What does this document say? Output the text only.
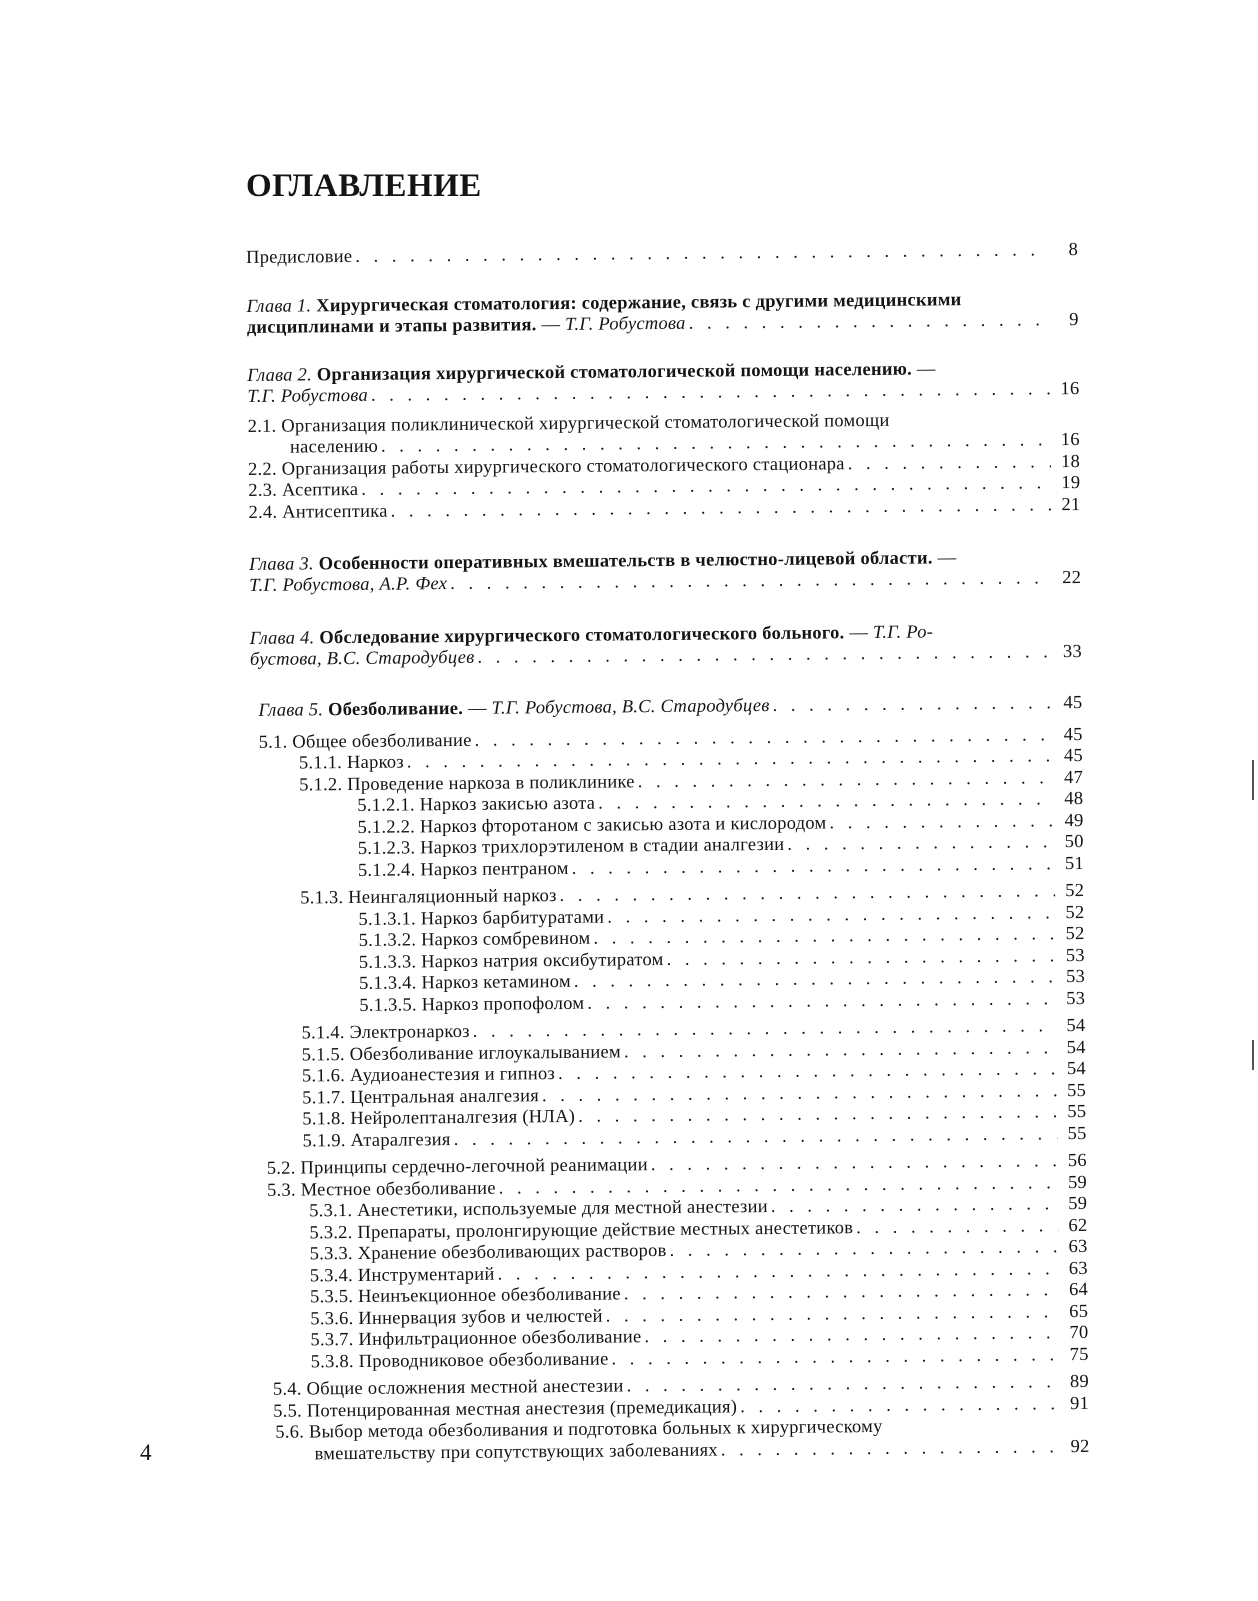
ОГЛАВЛЕНИЕ
Предисловие . . .	8
Глава 1. Хирургическая стоматология: содержание, связь с другими медицинскими
дисциплинами и этапы развития. — Т.Г. Робустова . . .	9
Глава 2. Организация хирургической стоматологической помощи населению. —
Т.Г. Робустова . . .	16
2.1. Организация поликлинической хирургической стоматологической помощи
населению . . .	16
2.2. Организация работы хирургического стоматологического стационара . . .	18
2.3. Асептика . . .	19
2.4. Антисептика . . .	21
Глава 3. Особенности оперативных вмешательств в челюстно-лицевой области. —
Т.Г. Робустова, А.Р. Фех . . .	22
Глава 4. Обследование хирургического стоматологического больного. — Т.Г. Ро-
бустова, В.С. Стародубцев . . .	33
Глава 5. Обезболивание. — Т.Г. Робустова, В.С. Стародубцев . . .	45
5.1. Общее обезболивание . . .	45
5.1.1. Наркоз . . .	45
5.1.2. Проведение наркоза в поликлинике . . .	47
5.1.2.1. Наркоз закисью азота . . .	48
5.1.2.2. Наркоз фторотаном с закисью азота и кислородом . . .	49
5.1.2.3. Наркоз трихлорэтиленом в стадии аналгезии . . .	50
5.1.2.4. Наркоз пентраном . . .	51
5.1.3. Неингаляционный наркоз . . .	52
5.1.3.1. Наркоз барбитуратами . . .	52
5.1.3.2. Наркоз сомбревином . . .	52
5.1.3.3. Наркоз натрия оксибутиратом . . .	53
5.1.3.4. Наркоз кетамином . . .	53
5.1.3.5. Наркоз пропофолом . . .	53
5.1.4. Электронаркоз . . .	54
5.1.5. Обезболивание иглоукалыванием . . .	54
5.1.6. Аудиоанестезия и гипноз . . .	54
5.1.7. Центральная аналгезия . . .	55
5.1.8. Нейролептаналгезия (НЛА) . . .	55
5.1.9. Атаралгезия . . .	55
5.2. Принципы сердечно-легочной реанимации . . .	56
5.3. Местное обезболивание . . .	59
5.3.1. Анестетики, используемые для местной анестезии . . .	59
5.3.2. Препараты, пролонгирующие действие местных анестетиков . . .	62
5.3.3. Хранение обезболивающих растворов . . .	63
5.3.4. Инструментарий . . .	63
5.3.5. Неинъекционное обезболивание . . .	64
5.3.6. Иннервация зубов и челюстей . . .	65
5.3.7. Инфильтрационное обезболивание . . .	70
5.3.8. Проводниковое обезболивание . . .	75
5.4. Общие осложнения местной анестезии . . .	89
5.5. Потенцированная местная анестезия (премедикация) . . .	91
5.6. Выбор метода обезболивания и подготовка больных к хирургическому
вмешательству при сопутствующих заболеваниях . . .	92
4
